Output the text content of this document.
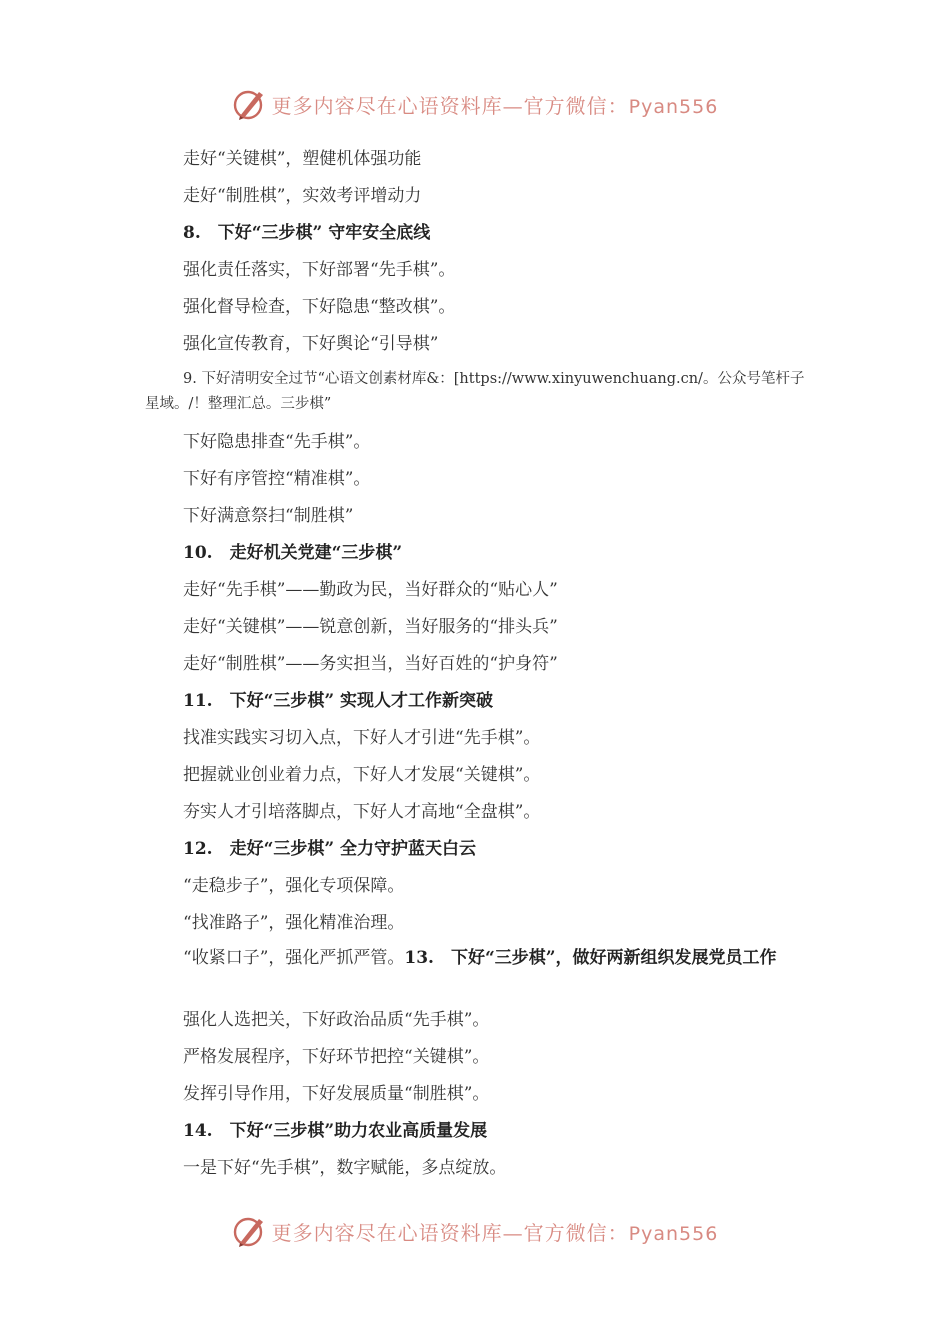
更多内容尽在心语资料库—官方微信：Pyan556
走好“关键棋”，塑健机体强功能
走好“制胜棋”，实效考评增动力
8.　下好“三步棋” 守牢安全底线
强化责任落实，下好部署“先手棋”。
强化督导检查，下好隐患“整改棋”。
强化宣传教育，下好舆论“引导棋”
9. 下好清明安全过节“心语文创素材库&：[https://www.xinyuwenchuang.cn/。公众号笔杆子星域。/！整理汇总。三步棋”
下好隐患排查“先手棋”。
下好有序管控“精准棋”。
下好满意祭扫“制胜棋”
10.　走好机关党建“三步棋”
走好“先手棋”——勤政为民，当好群众的“贴心人”
走好“关键棋”——锐意创新，当好服务的“排头兵”
走好“制胜棋”——务实担当，当好百姓的“护身符”
11.　下好“三步棋” 实现人才工作新突破
找准实践实习切入点，下好人才引进“先手棋”。
把握就业创业着力点，下好人才发展“关键棋”。
夯实人才引培落脚点，下好人才高地“全盘棋”。
12.　走好“三步棋” 全力守护蓝天白云
“走稳步子”，强化专项保障。
“找准路子”，强化精准治理。
“收紧口子”，强化严抓严管。13.　下好“三步棋”，做好两新组织发展党员工作
强化人选把关，下好政治品质“先手棋”。
严格发展程序，下好环节把控“关键棋”。
发挥引导作用，下好发展质量“制胜棋”。
14.　下好“三步棋”助力农业高质量发展
一是下好“先手棋”，数字赋能，多点绽放。
更多内容尽在心语资料库—官方微信：Pyan556
